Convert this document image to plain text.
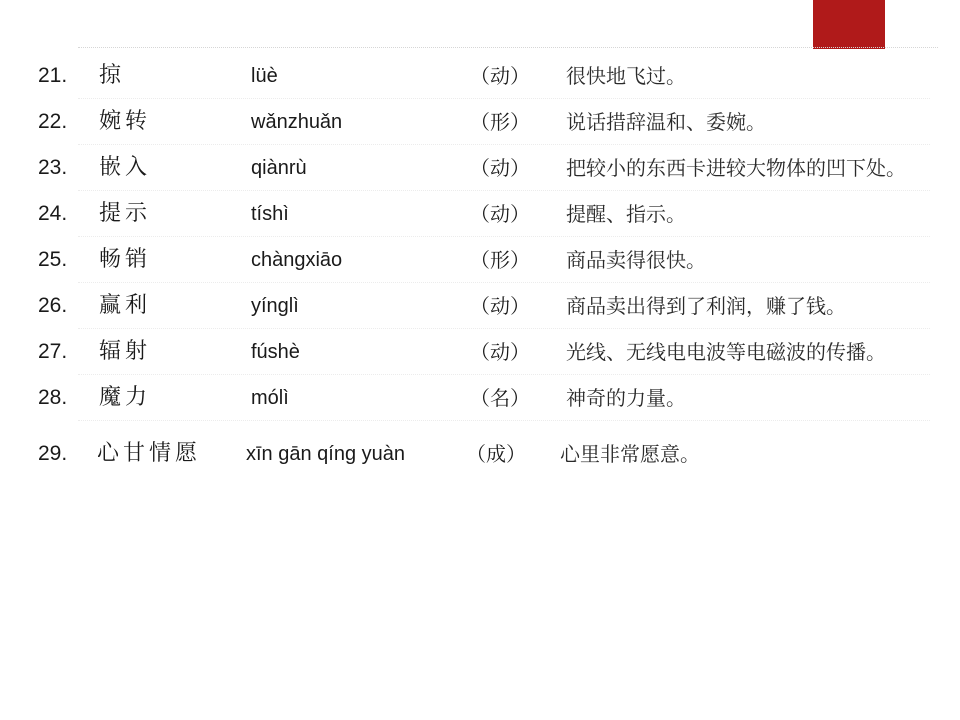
21. 掠	lüè	（动） 很快地飞过。
22. 婉转	wǎnzhuǎn	（形） 说话措辞温和、委婉。
23. 嵌入	qiànrù	（动） 把较小的东西卡进较大物体的凹下处。
24. 提示	tíshì	（动） 提醒、指示。
25. 畅销	chàngxiāo	（形） 商品卖得很快。
26. 赢利	yínglì	（动） 商品卖出得到了利润，赚了钱。
27. 辐射	fúshè	（动） 光线、无线电电波等电磁波的传播。
28. 魔力	mólì	（名） 神奇的力量。
29. 心甘情愿 xīn gān qíng yuàn	（成） 心里非常愿意。
